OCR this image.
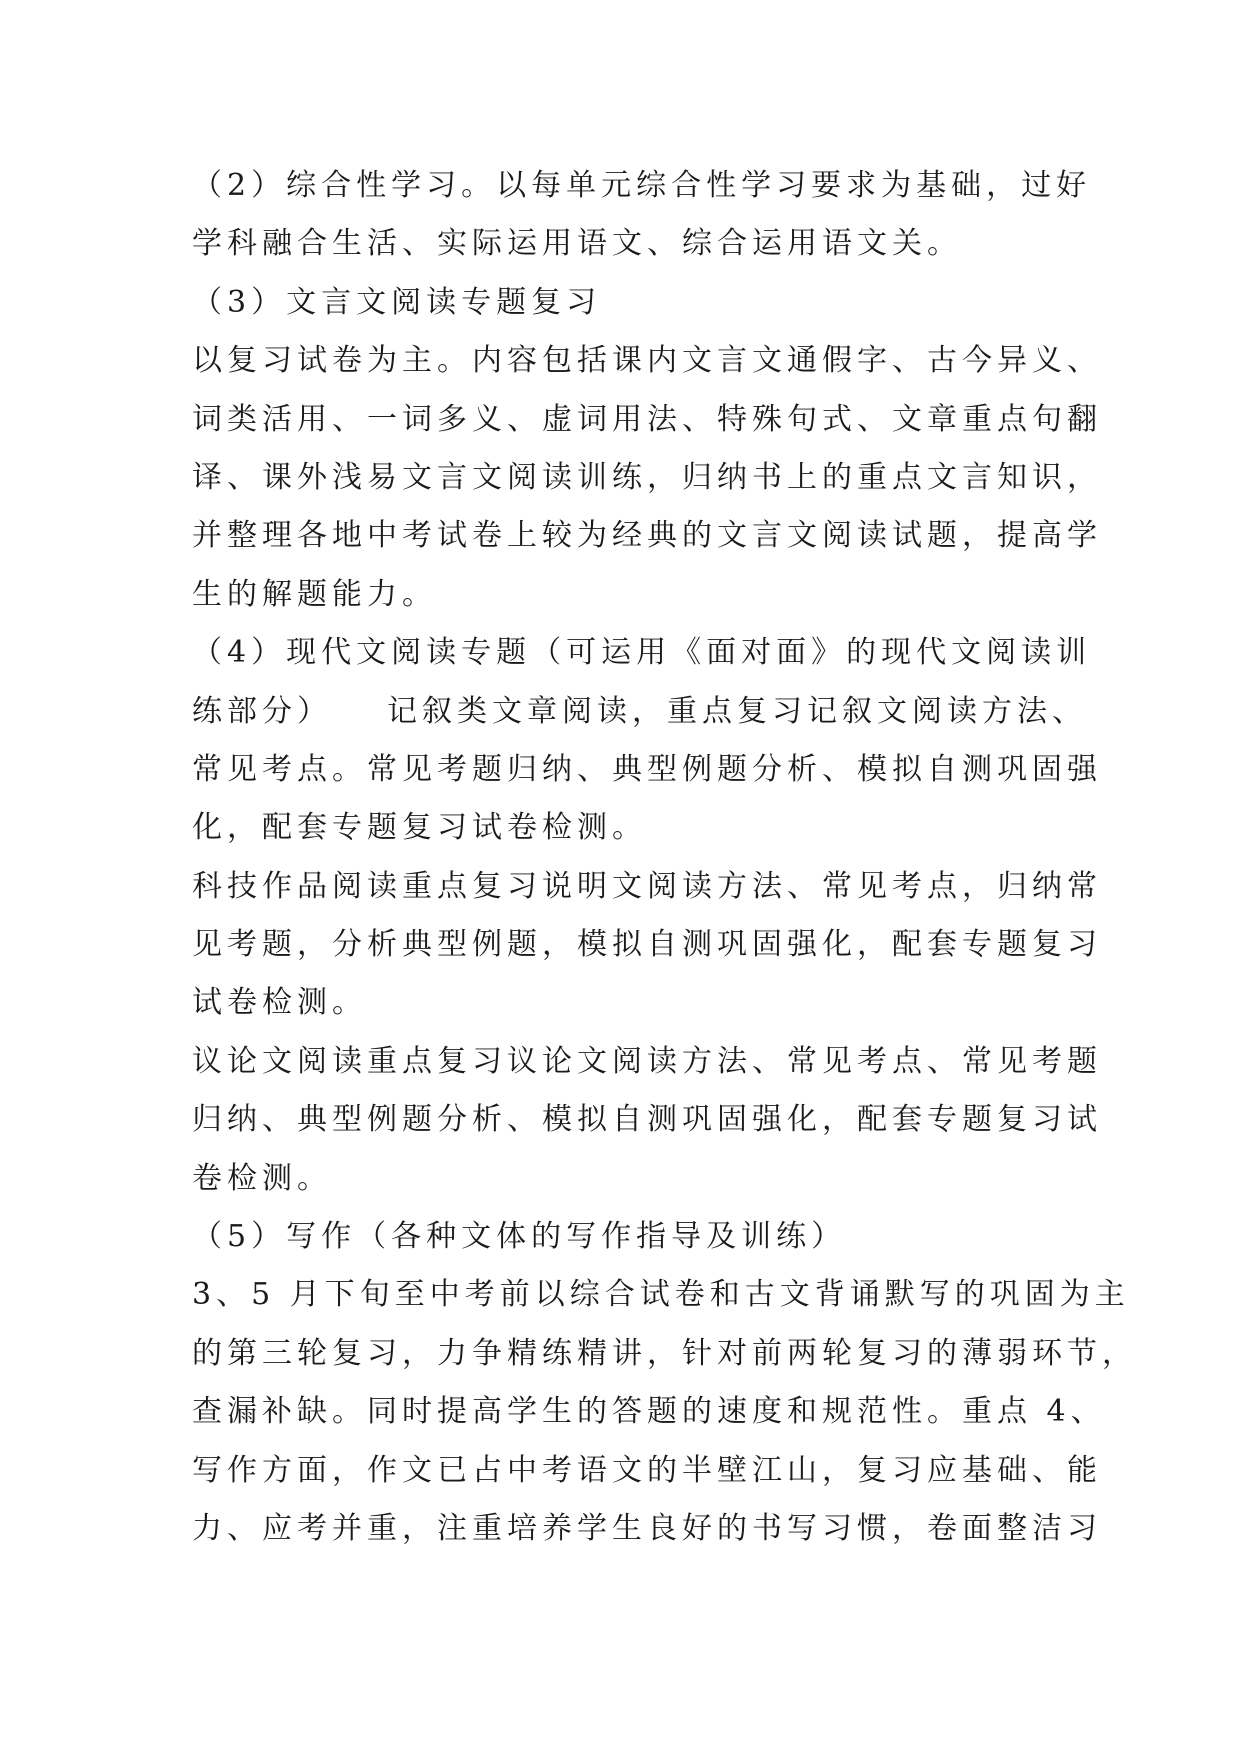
（2）综合性学习。以每单元综合性学习要求为基础，过好
学科融合生活、实际运用语文、综合运用语文关。
（3）文言文阅读专题复习
以复习试卷为主。内容包括课内文言文通假字、古今异义、
词类活用、一词多义、虚词用法、特殊句式、文章重点句翻
译、课外浅易文言文阅读训练，归纳书上的重点文言知识，
并整理各地中考试卷上较为经典的文言文阅读试题，提高学
生的解题能力。
（4）现代文阅读专题（可运用《面对面》的现代文阅读训
练部分）　　记叙类文章阅读，重点复习记叙文阅读方法、
常见考点。常见考题归纳、典型例题分析、模拟自测巩固强
化，配套专题复习试卷检测。
科技作品阅读重点复习说明文阅读方法、常见考点，归纳常
见考题，分析典型例题，模拟自测巩固强化，配套专题复习
试卷检测。
议论文阅读重点复习议论文阅读方法、常见考点、常见考题
归纳、典型例题分析、模拟自测巩固强化，配套专题复习试
卷检测。
（5）写作（各种文体的写作指导及训练）
3、5 月下旬至中考前以综合试卷和古文背诵默写的巩固为主
的第三轮复习，力争精练精讲，针对前两轮复习的薄弱环节，
查漏补缺。同时提高学生的答题的速度和规范性。重点 4、
写作方面，作文已占中考语文的半壁江山，复习应基础、能
力、应考并重，注重培养学生良好的书写习惯，卷面整洁习
